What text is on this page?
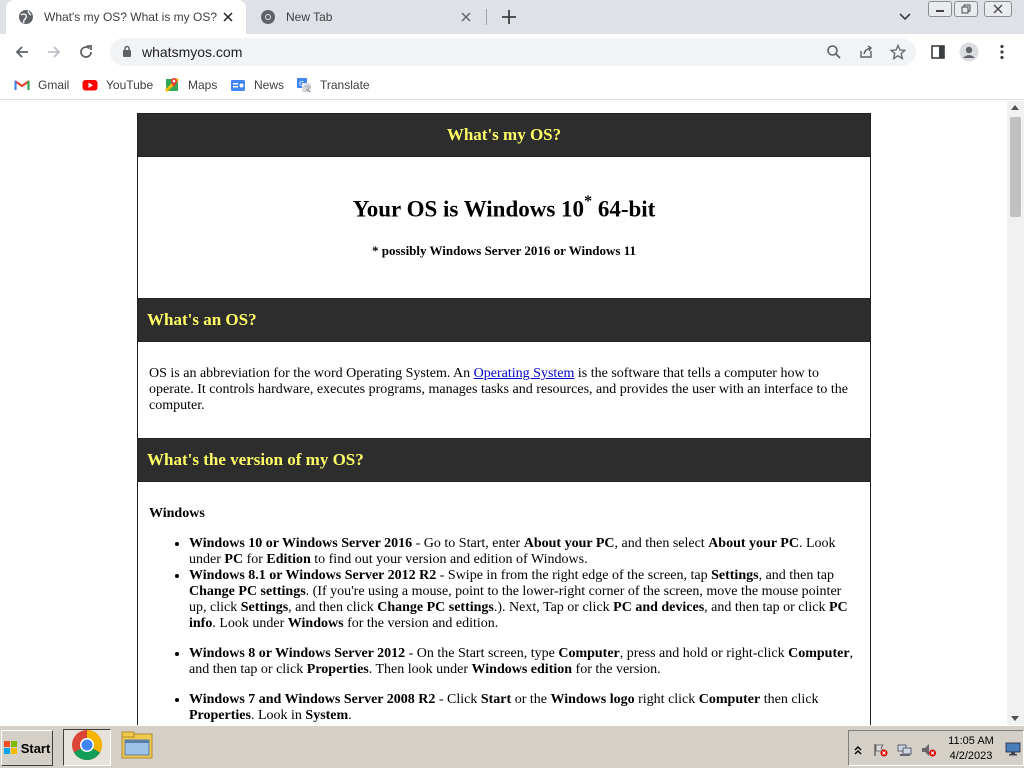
What's my OS? What is my OS?	New Tab
whatsmyos.com
Gmail	YouTube	Maps	News G
文 Translate
What's my OS?
Your OS is Windows 10* 64-bit
* possibly Windows Server 2016 or Windows 11
What's an OS?
OS is an abbreviation for the word Operating System. An Operating System is the software that tells a computer how to operate. It controls hardware, executes programs, manages tasks and resources, and provides the user with an interface to the computer.
What's the version of my OS?
Windows
• Windows 10 or Windows Server 2016 - Go to Start, enter About your PC, and then select About your PC. Look under PC for Edition to find out your version and edition of Windows.
• Windows 8.1 or Windows Server 2012 R2 - Swipe in from the right edge of the screen, tap Settings, and then tap Change PC settings. (If you're using a mouse, point to the lower-right corner of the screen, move the mouse pointer up, click Settings, and then click Change PC settings.). Next, Tap or click PC and devices, and then tap or click PC info. Look under Windows for the version and edition.
• Windows 8 or Windows Server 2012 - On the Start screen, type Computer, press and hold or right-click Computer, and then tap or click Properties. Then look under Windows edition for the version.
• Windows 7 and Windows Server 2008 R2 - Click Start or the Windows logo right click Computer then click Properties. Look in System.
Start	11:05 AM
4/2/2023
